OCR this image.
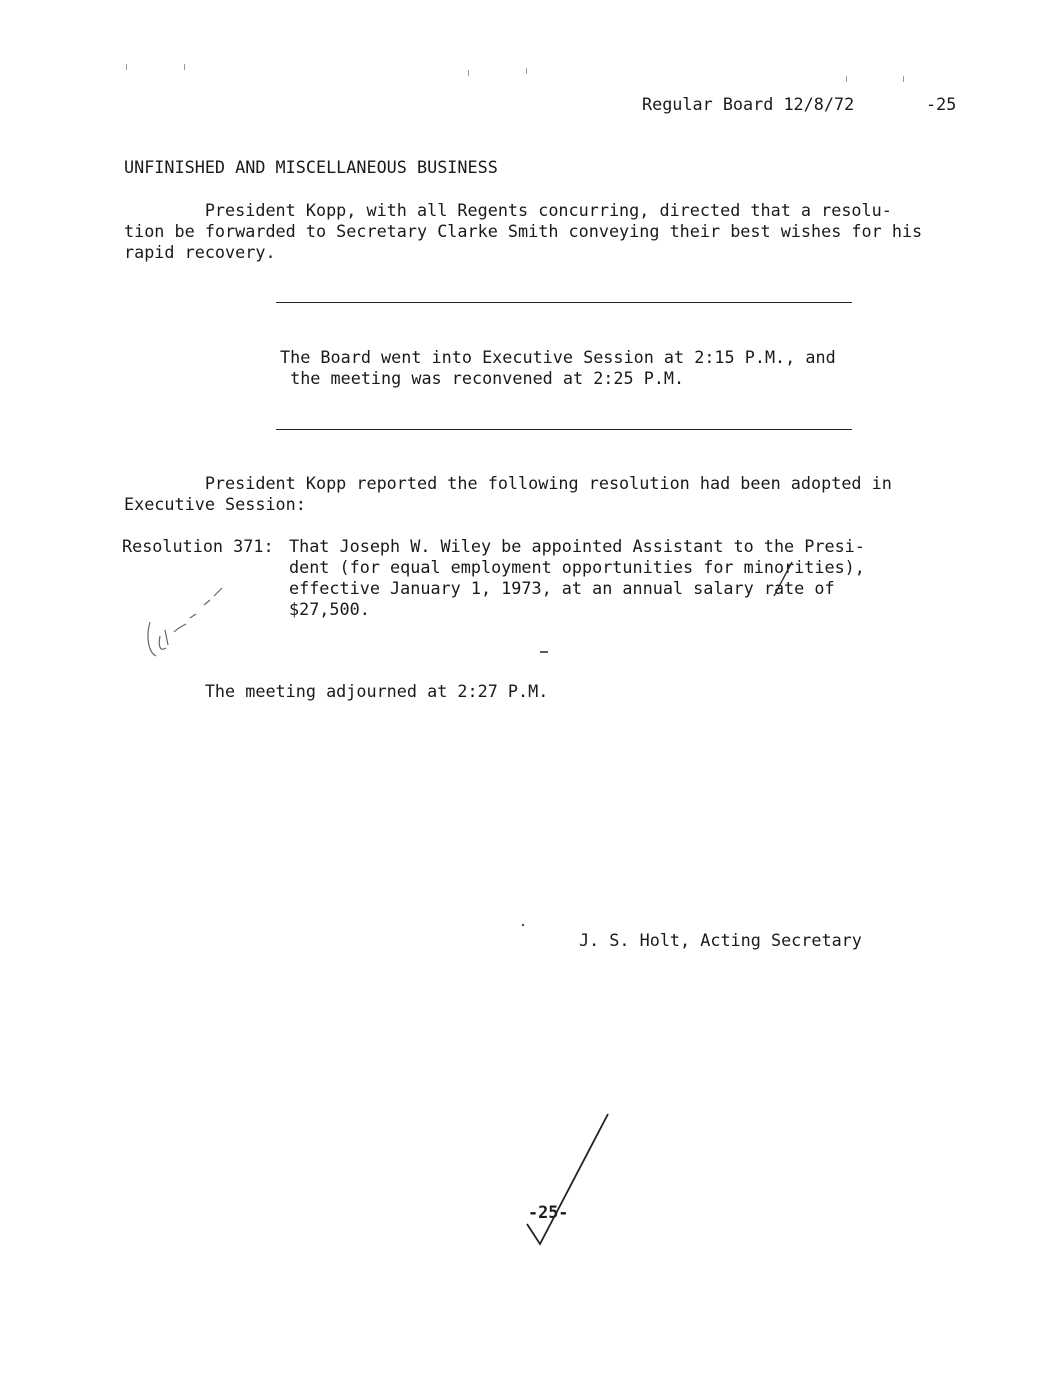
Regular Board 12/8/72	-25
UNFINISHED AND MISCELLANEOUS BUSINESS
President Kopp, with all Regents concurring, directed that a resolu-
tion be forwarded to Secretary Clarke Smith conveying their best wishes for his
rapid recovery.
The Board went into Executive Session at 2:15 P.M., and
the meeting was reconvened at 2:25 P.M.
President Kopp reported the following resolution had been adopted in
Executive Session:
Resolution 371: That Joseph W. Wiley be appointed Assistant to the Presi-
dent (for equal employment opportunities for minorities),
effective January 1, 1973, at an annual salary rate of
$27,500.
The meeting adjourned at 2:27 P.M.
J. S. Holt, Acting Secretary
-25-
